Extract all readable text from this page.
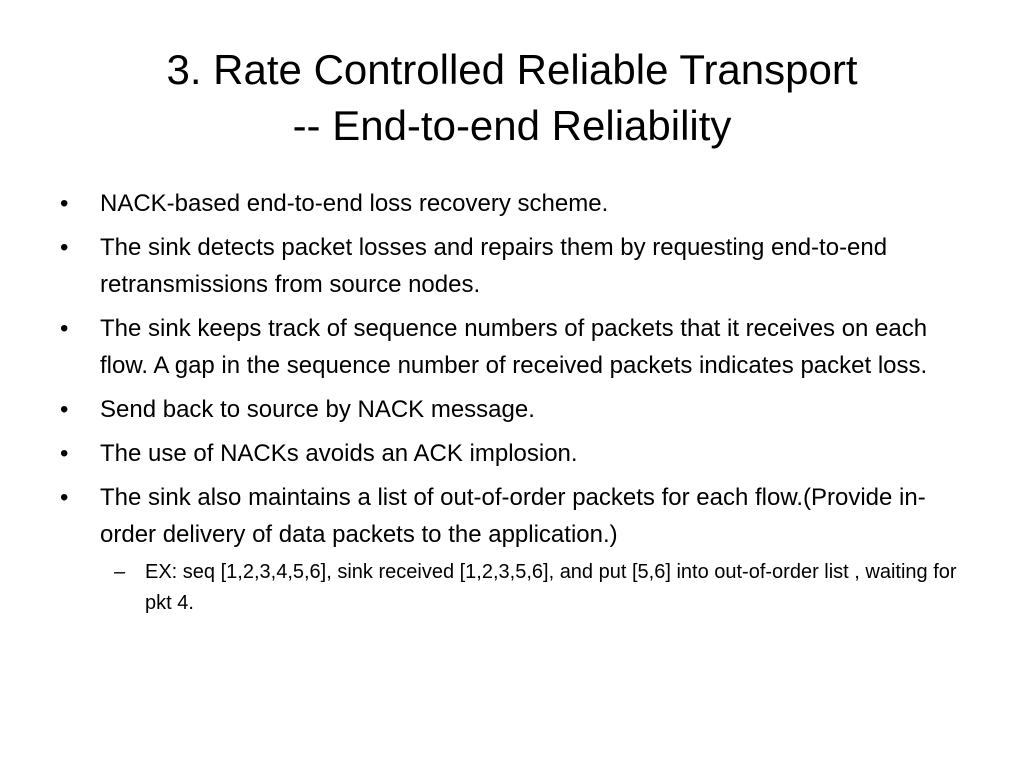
3. Rate Controlled Reliable Transport
-- End-to-end Reliability
•	NACK-based end-to-end loss recovery scheme.
•	The sink detects packet losses and repairs them by requesting end-to-end retransmissions from source nodes.
•	The sink keeps track of sequence numbers of packets that it receives on each flow. A gap in the sequence number of received packets indicates packet loss.
•	Send back to source by NACK message.
•	The use of NACKs avoids an ACK implosion.
•	The sink also maintains a list of out-of-order packets for each flow.(Provide in-order delivery of data packets to the application.)
– EX: seq [1,2,3,4,5,6], sink received [1,2,3,5,6], and put [5,6] into out-of-order list , waiting for pkt 4.
